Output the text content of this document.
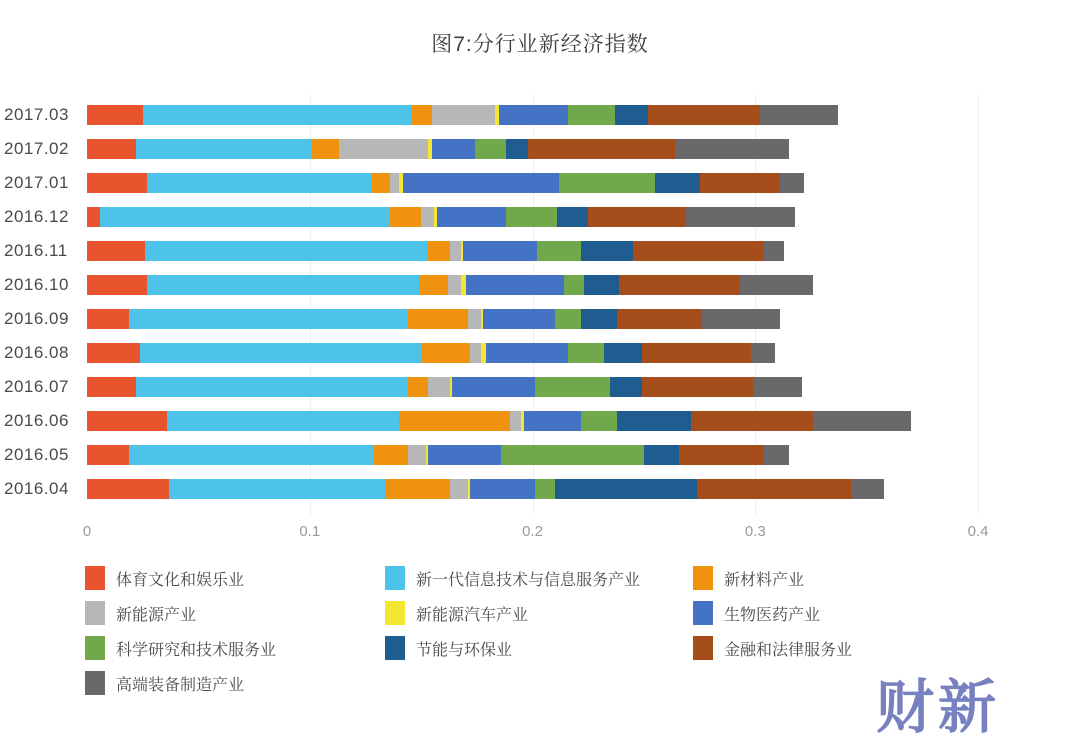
图7:分行业新经济指数
2017.03
2017.02
2017.01
2016.12
2016.11
2016.10
2016.09
2016.08
2016.07
2016.06
2016.05
2016.04
0	0.1	0.2	0.3	0.4
体育文化和娱乐业	新一代信息技术与信息服务产业	新材料产业
新能源产业	新能源汽车产业	生物医药产业
科学研究和技术服务业	节能与环保业	金融和法律服务业
高端装备制造产业	财新
